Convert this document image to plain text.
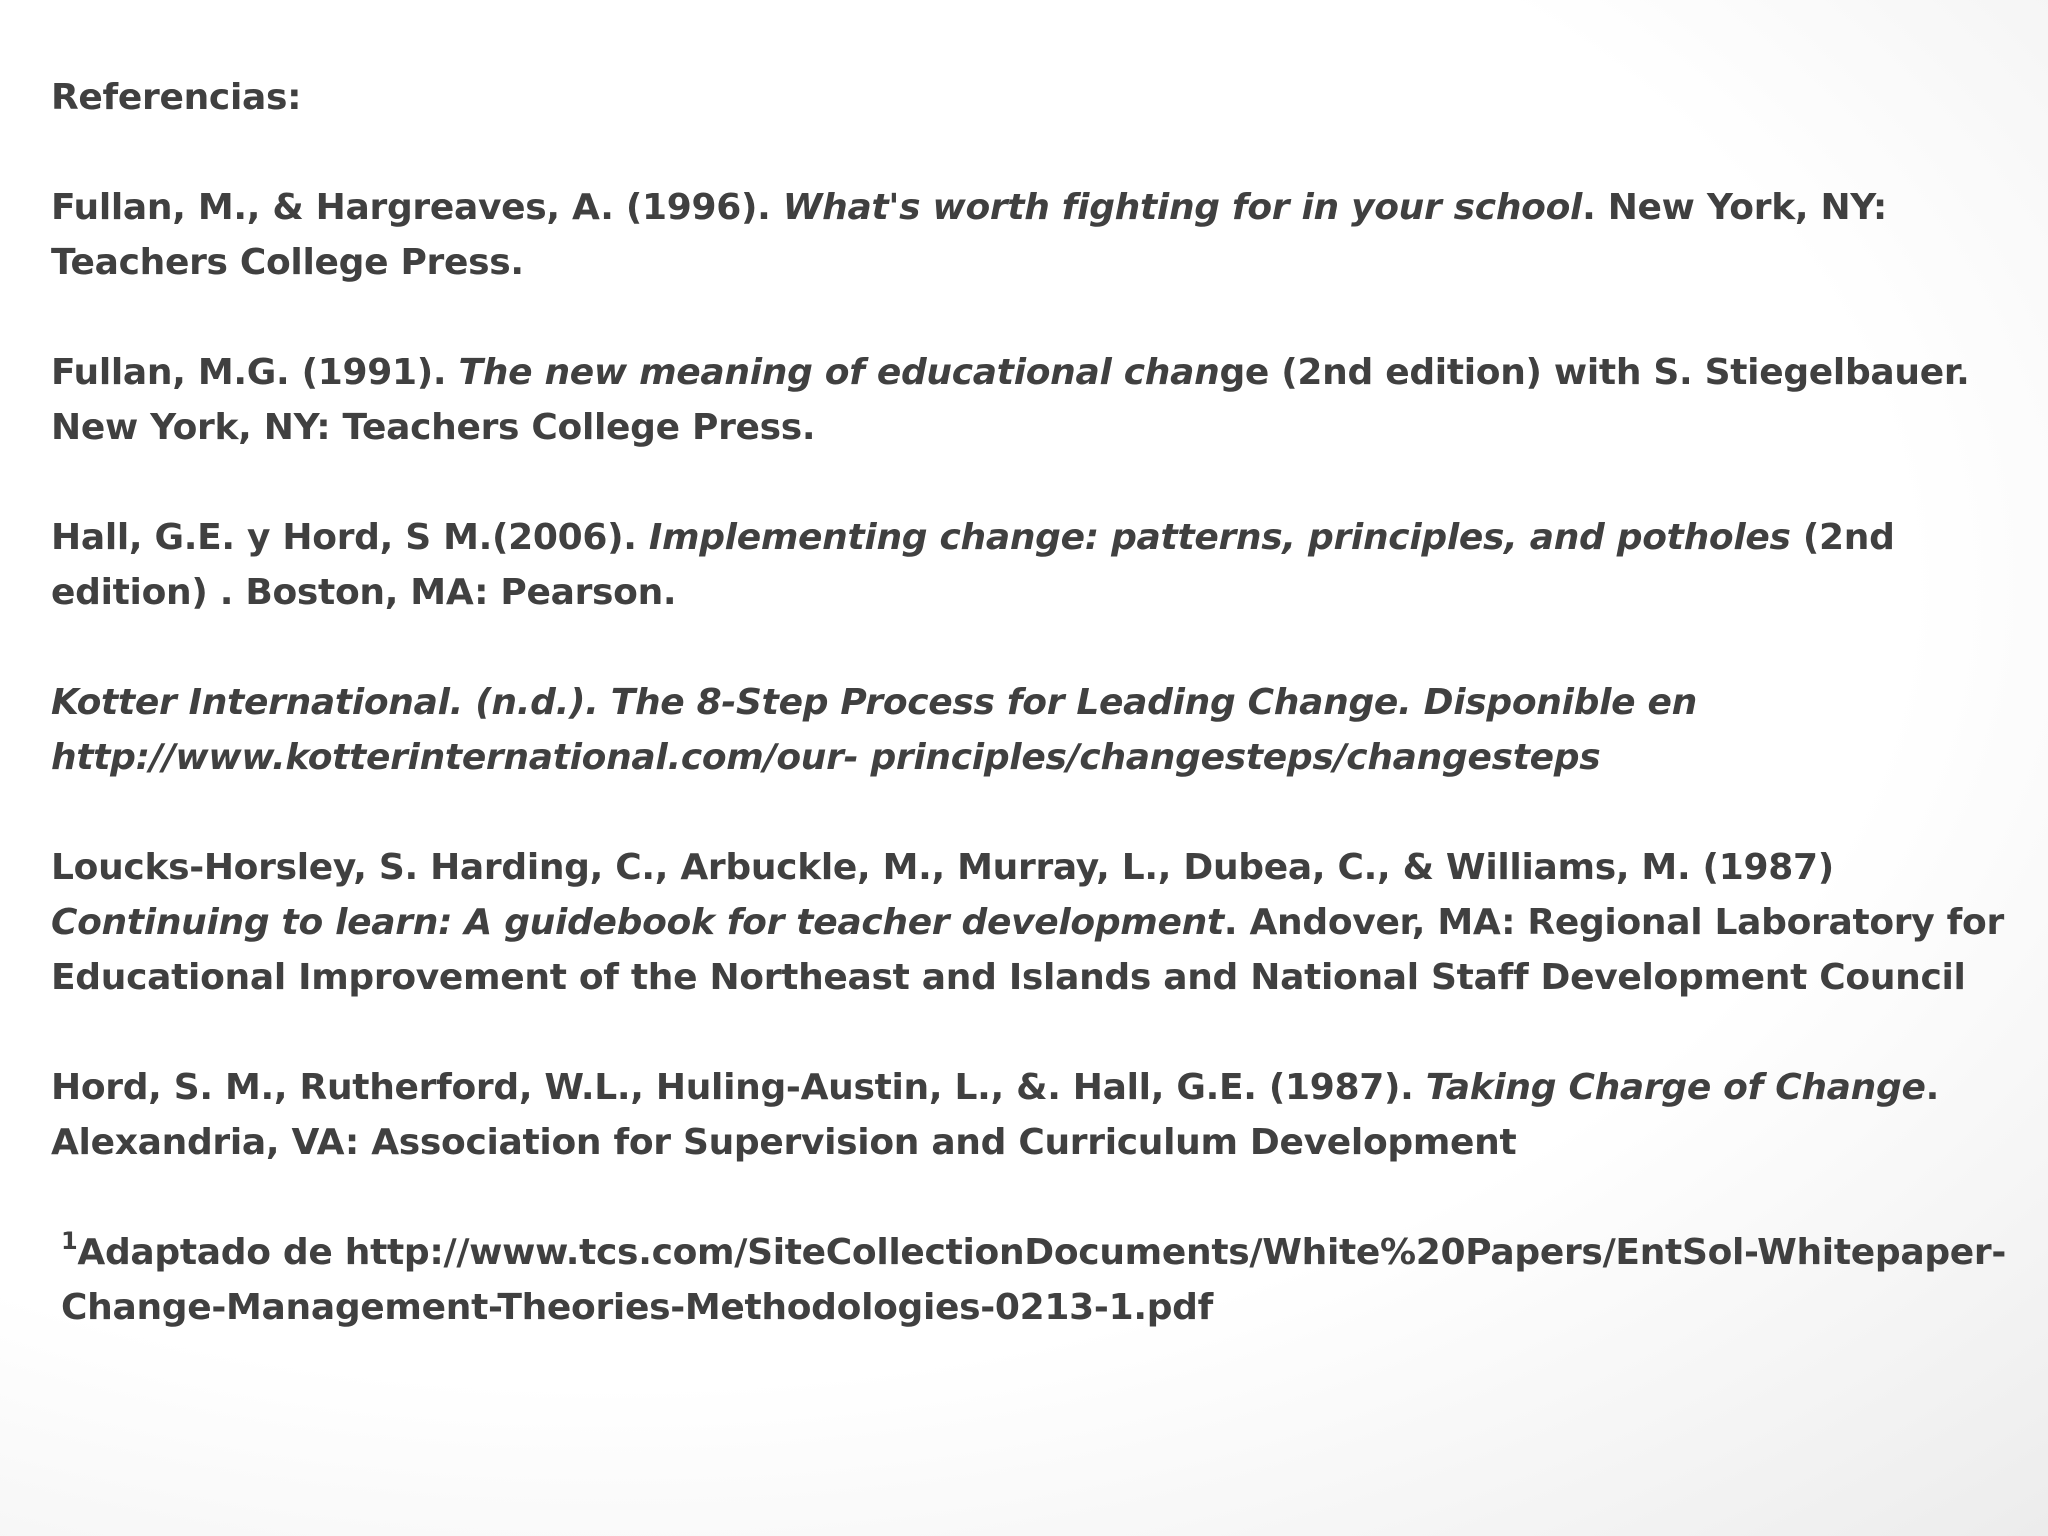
Referencias:
Fullan, M., & Hargreaves, A. (1996). What's worth fighting for in your school. New York, NY: Teachers College Press.
Fullan, M.G. (1991). The new meaning of educational change (2nd edition) with S. Stiegelbauer. New York, NY: Teachers College Press.
Hall, G.E. y Hord, S M.(2006). Implementing change: patterns, principles, and potholes (2nd edition) . Boston, MA: Pearson.
Kotter International. (n.d.). The 8-Step Process for Leading Change. Disponible en http://www.kotterinternational.com/our- principles/changesteps/changesteps
Loucks-Horsley, S. Harding, C., Arbuckle, M., Murray, L., Dubea, C., & Williams, M. (1987) Continuing to learn: A guidebook for teacher development. Andover, MA: Regional Laboratory for Educational Improvement of the Northeast and Islands and National Staff Development Council
Hord, S. M., Rutherford, W.L., Huling-Austin, L., &. Hall, G.E. (1987). Taking Charge of Change. Alexandria, VA: Association for Supervision and Curriculum Development
$^1$Adaptado de http://www.tcs.com/SiteCollectionDocuments/White%20Papers/EntSol-Whitepaper-Change-Management-Theories-Methodologies-0213-1.pdf
